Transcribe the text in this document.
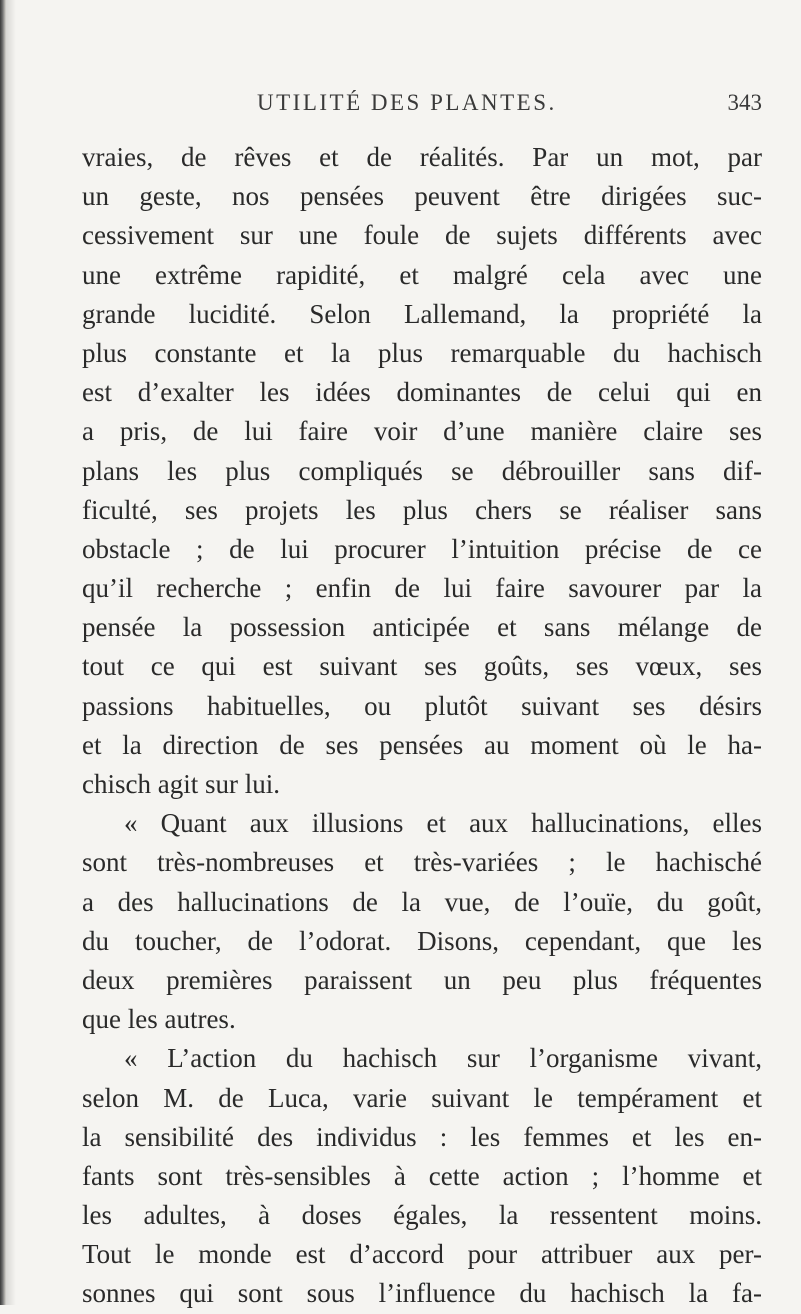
UTILITÉ DES PLANTES.	343
vraies, de rêves et de réalités. Par un mot, par
un geste, nos pensées peuvent être dirigées suc-
cessivement sur une foule de sujets différents avec
une extrême rapidité, et malgré cela avec une
grande lucidité. Selon Lallemand, la propriété la
plus constante et la plus remarquable du hachisch
est d’exalter les idées dominantes de celui qui en
a pris, de lui faire voir d’une manière claire ses
plans les plus compliqués se débrouiller sans dif-
ficulté, ses projets les plus chers se réaliser sans
obstacle ; de lui procurer l’intuition précise de ce
qu’il recherche ; enfin de lui faire savourer par la
pensée la possession anticipée et sans mélange de
tout ce qui est suivant ses goûts, ses vœux, ses
passions habituelles, ou plutôt suivant ses désirs
et la direction de ses pensées au moment où le ha-
chisch agit sur lui.
« Quant aux illusions et aux hallucinations, elles
sont très-nombreuses et très-variées ; le hachisché
a des hallucinations de la vue, de l’ouïe, du goût,
du toucher, de l’odorat. Disons, cependant, que les
deux premières paraissent un peu plus fréquentes
que les autres.
« L’action du hachisch sur l’organisme vivant,
selon M. de Luca, varie suivant le tempérament et
la sensibilité des individus : les femmes et les en-
fants sont très-sensibles à cette action ; l’homme et
les adultes, à doses égales, la ressentent moins.
Tout le monde est d’accord pour attribuer aux per-
sonnes qui sont sous l’influence du hachisch la fa-
